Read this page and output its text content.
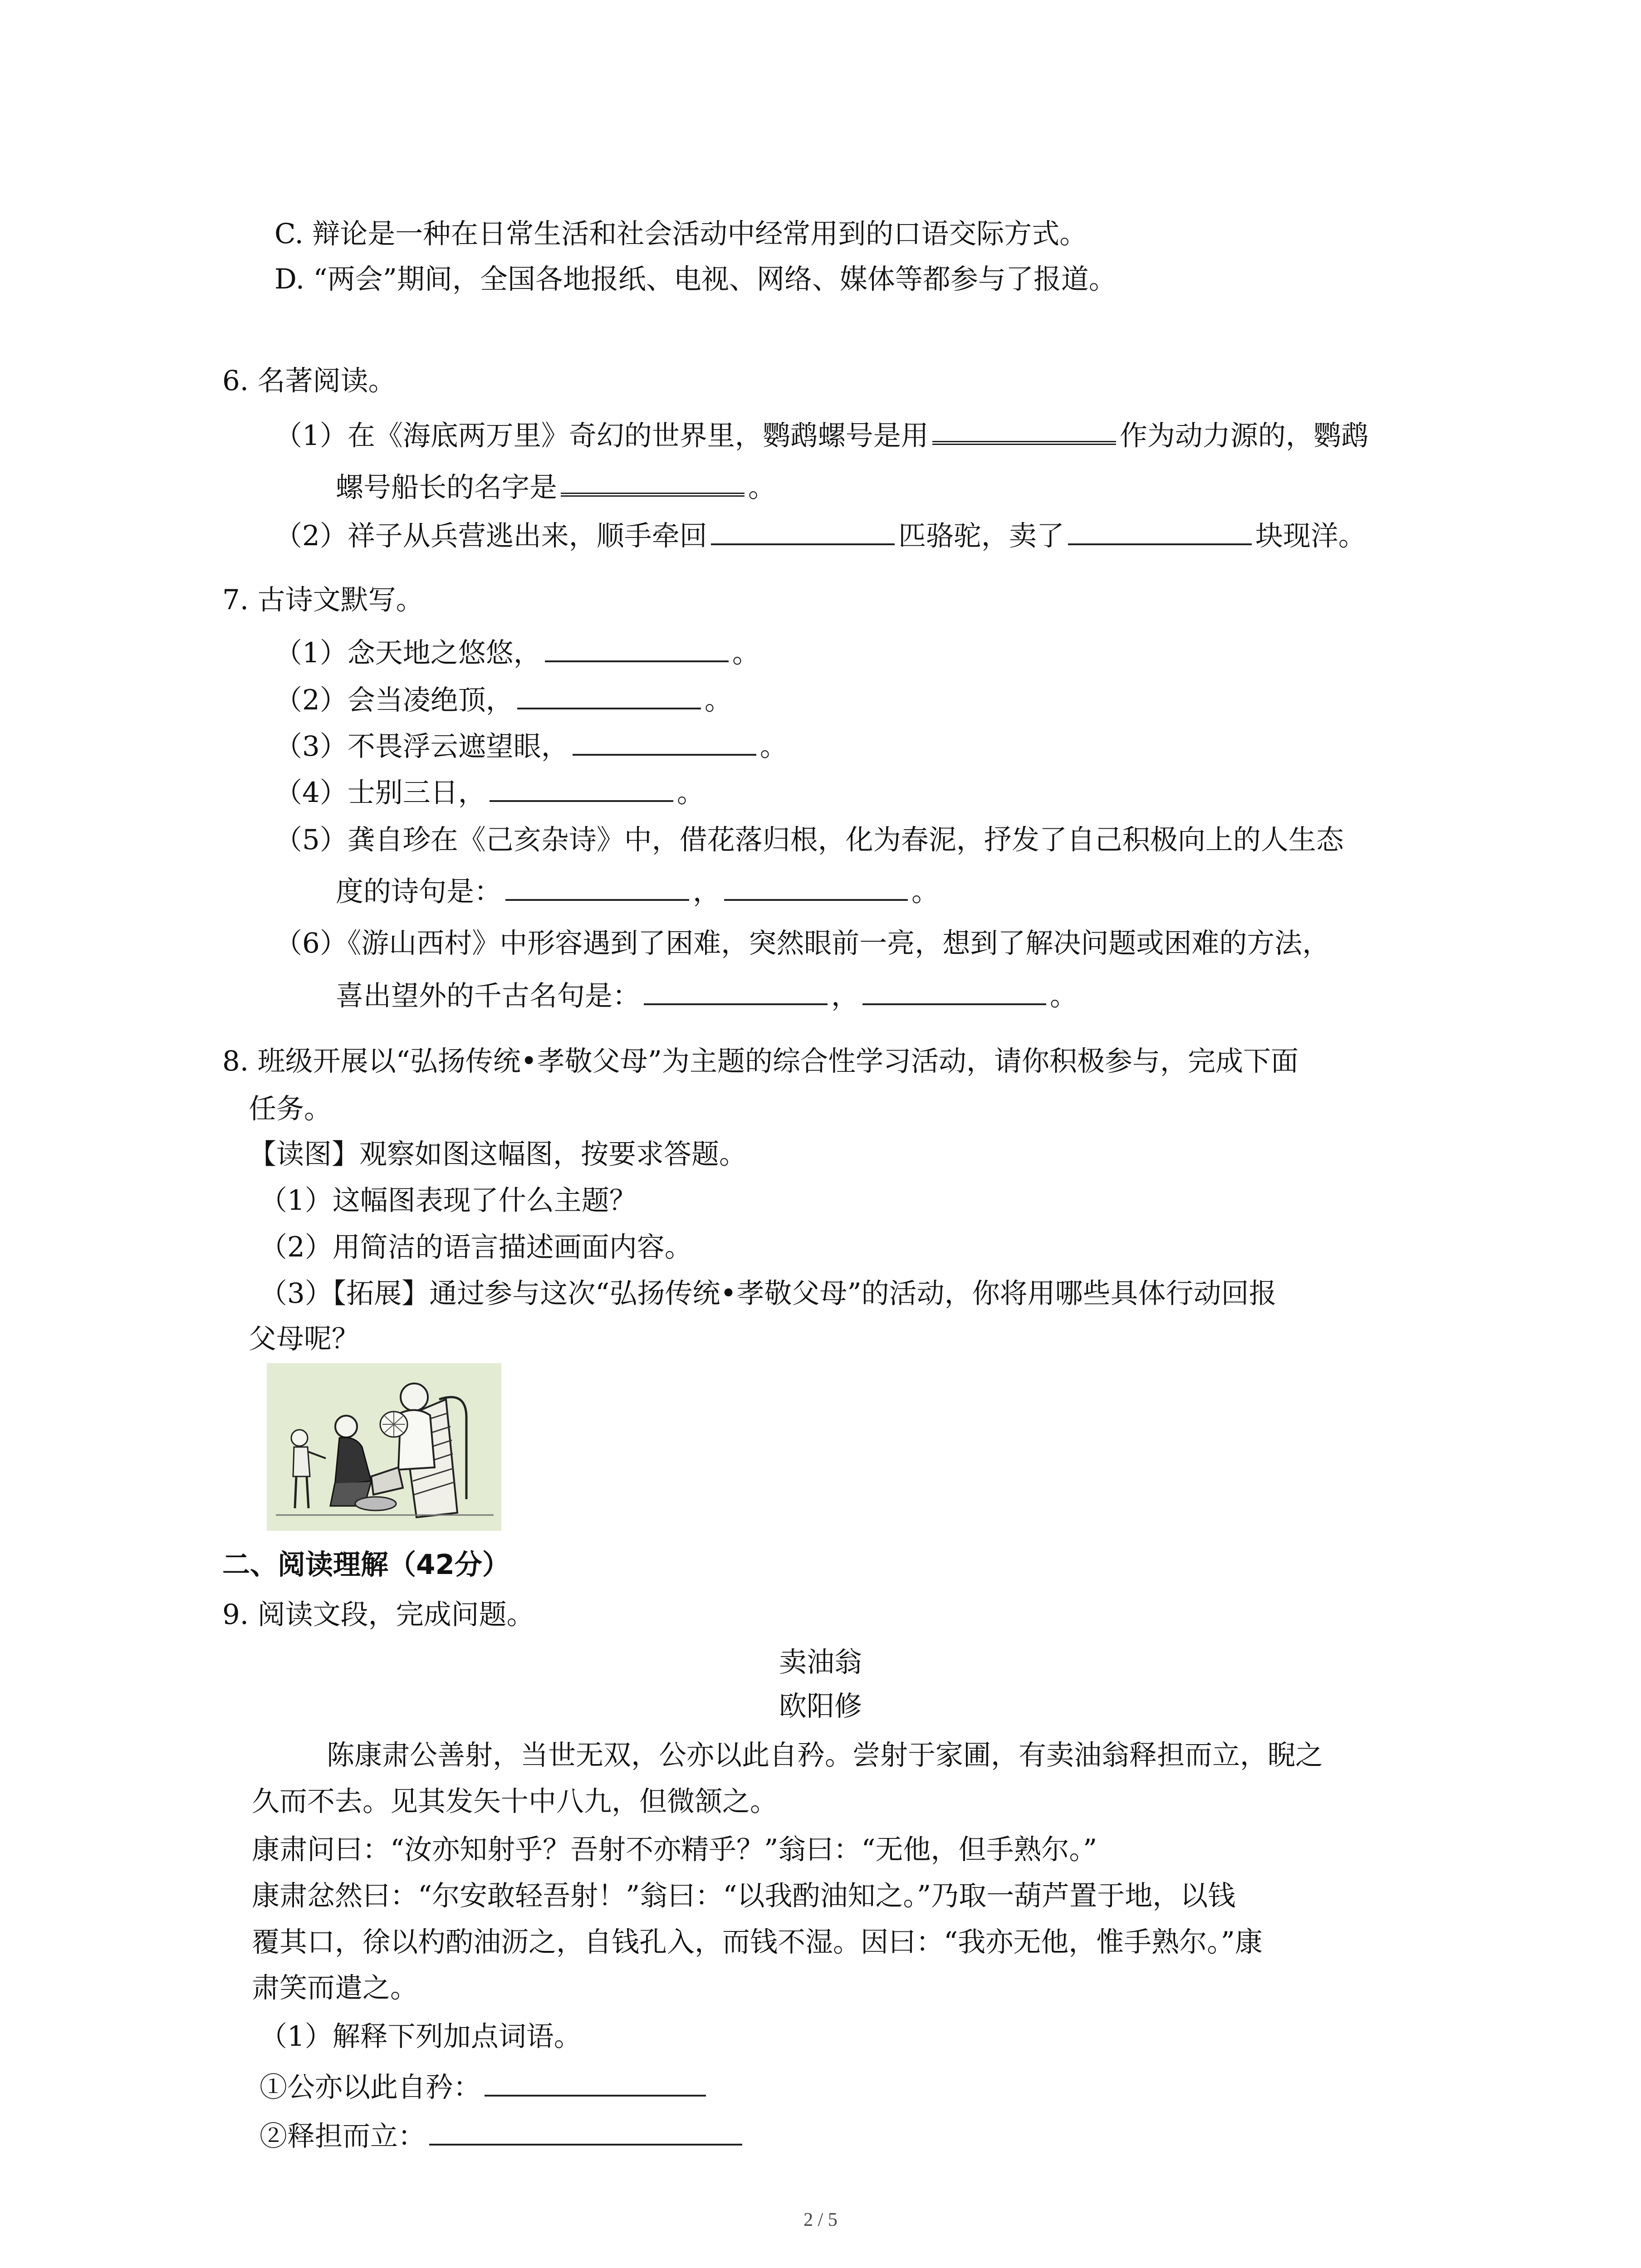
C. 辩论是一种在日常生活和社会活动中经常用到的口语交际方式。
D. “两会”期间，全国各地报纸、电视、网络、媒体等都参与了报道。
6. 名著阅读。
（1）在《海底两万里》奇幻的世界里，鹦鹉螺号是用	作为动力源的，鹦鹉
螺号船长的名字是	。
（2）祥子从兵营逃出来，顺手牵回	匹骆驼，卖了	块现洋。
7. 古诗文默写。
（1）念天地之悠悠，	。
（2）会当凌绝顶，	。
（3）不畏浮云遮望眼，	。
（4）士别三日，	。
（5）龚自珍在《己亥杂诗》中，借花落归根，化为春泥，抒发了自己积极向上的人生态
度的诗句是：	，	。
（6）《游山西村》中形容遇到了困难，突然眼前一亮，想到了解决问题或困难的方法，
喜出望外的千古名句是：	，	。
8. 班级开展以“弘扬传统•孝敬父母”为主题的综合性学习活动，请你积极参与，完成下面
任务。
【读图】观察如图这幅图，按要求答题。
（1）这幅图表现了什么主题？
（2）用简洁的语言描述画面内容。
（3）【拓展】通过参与这次“弘扬传统•孝敬父母”的活动，你将用哪些具体行动回报
父母呢？
二、阅读理解（42分）
9. 阅读文段，完成问题。
卖油翁
欧阳修
陈康肃公善射，当世无双，公亦以此自矜。尝射于家圃，有卖油翁释担而立，睨之
久而不去。见其发矢十中八九，但微颔之。
康肃问曰：“汝亦知射乎？吾射不亦精乎？”翁曰：“无他，但手熟尔。”
康肃忿然曰：“尔安敢轻吾射！”翁曰：“以我酌油知之。”乃取一葫芦置于地，以钱
覆其口，徐以杓酌油沥之，自钱孔入，而钱不湿。因曰：“我亦无他，惟手熟尔。”康
肃笑而遣之。
（1）解释下列加点词语。
①公亦以此自矜：
②释担而立：
2 / 5
